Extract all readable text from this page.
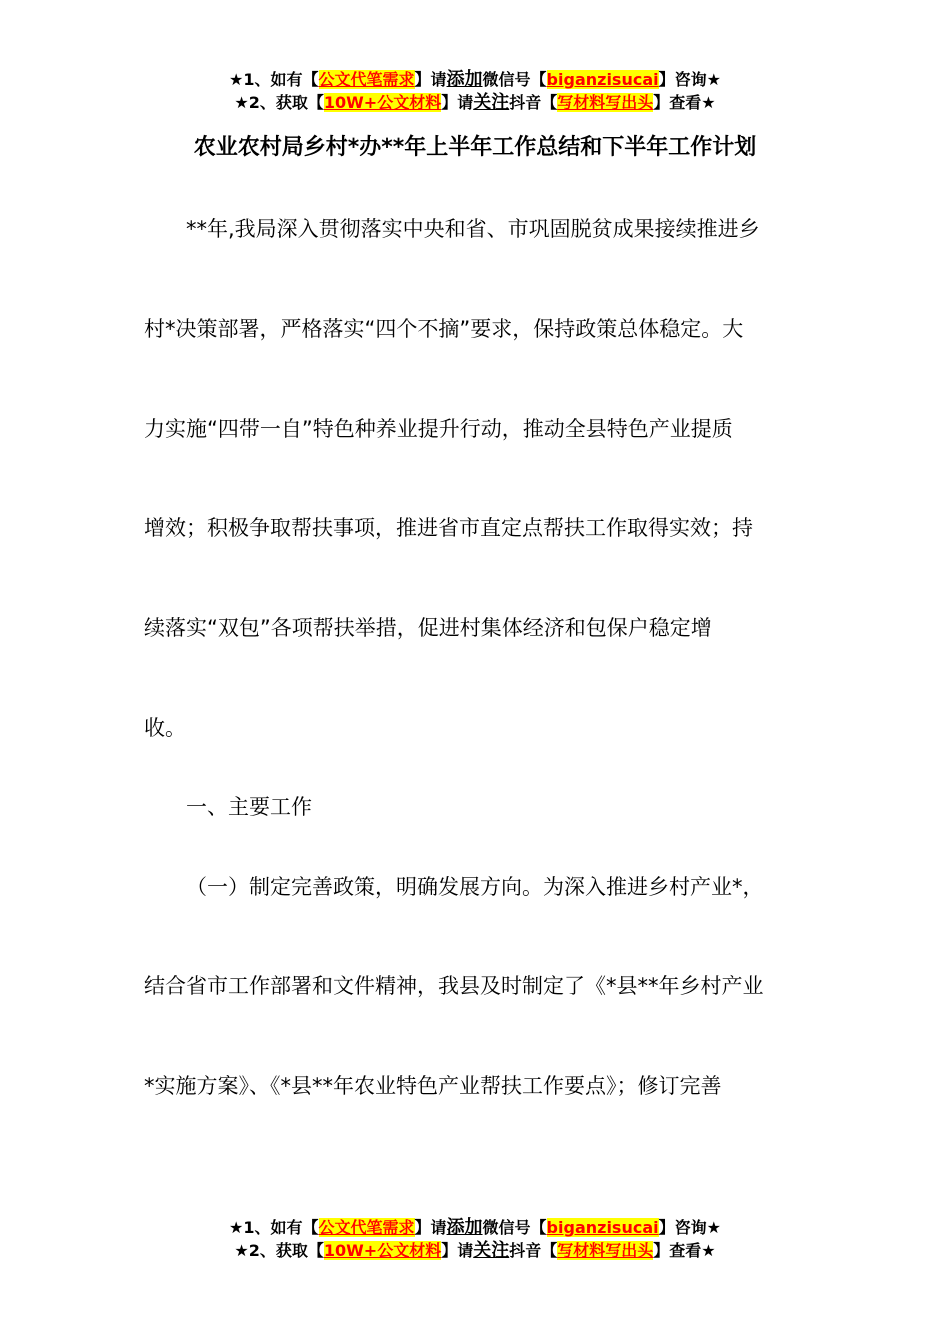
★1、如有【公文代笔需求】请添加微信号【biganzisucai】咨询★
★2、获取【10W+公文材料】请关注抖音【写材料写出头】查看★
农业农村局乡村*办**年上半年工作总结和下半年工作计划
**年,我局深入贯彻落实中央和省、市巩固脱贫成果接续推进乡
村*决策部署，严格落实“四个不摘”要求，保持政策总体稳定。大
力实施“四带一自”特色种养业提升行动，推动全县特色产业提质
增效；积极争取帮扶事项，推进省市直定点帮扶工作取得实效；持
续落实“双包”各项帮扶举措，促进村集体经济和包保户稳定增
收。
一、主要工作
（一）制定完善政策，明确发展方向。为深入推进乡村产业*，
结合省市工作部署和文件精神，我县及时制定了《*县**年乡村产业
*实施方案》、《*县**年农业特色产业帮扶工作要点》；修订完善
★1、如有【公文代笔需求】请添加微信号【biganzisucai】咨询★
★2、获取【10W+公文材料】请关注抖音【写材料写出头】查看★
